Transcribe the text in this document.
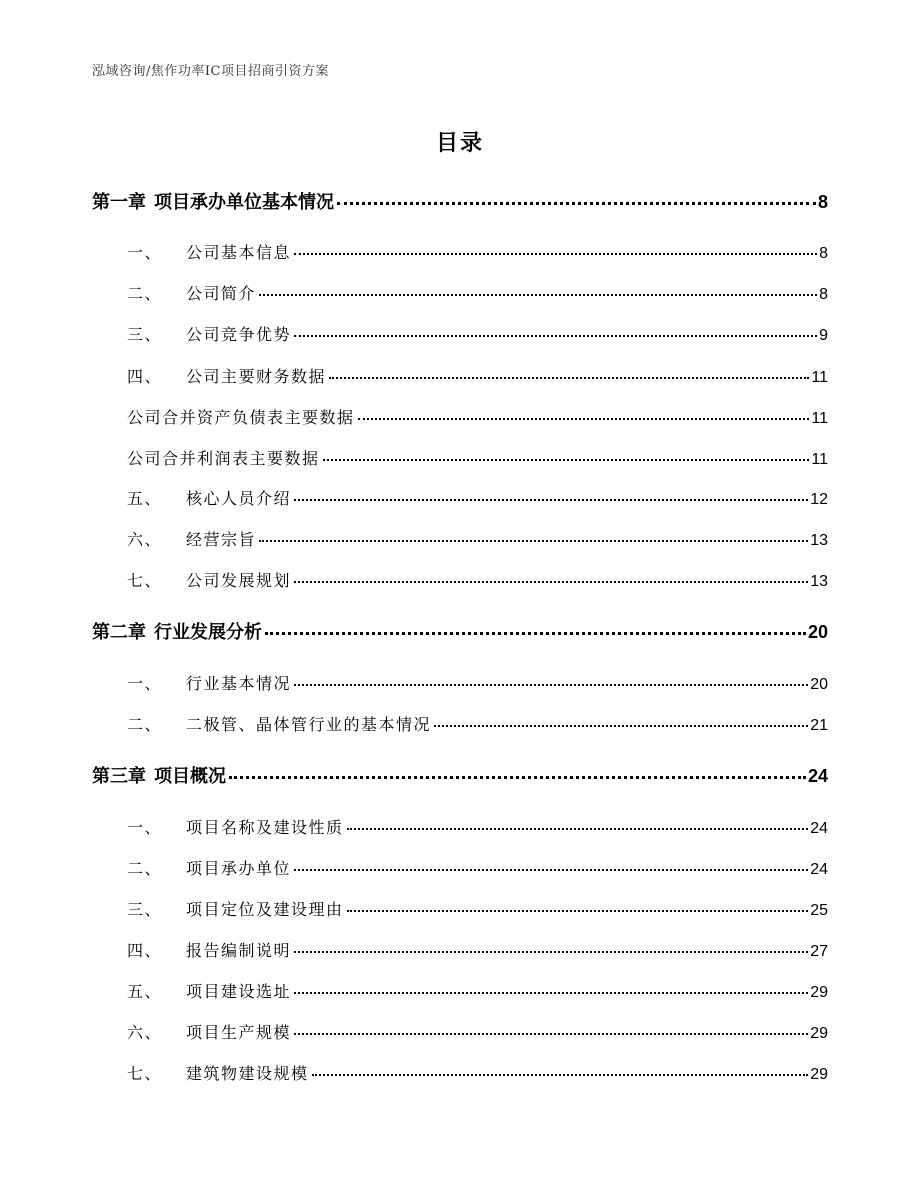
泓域咨询/焦作功率IC项目招商引资方案
目录
第一章 项目承办单位基本情况	8
一、 公司基本信息	8
二、 公司简介	8
三、 公司竞争优势	9
四、 公司主要财务数据	11
公司合并资产负债表主要数据	11
公司合并利润表主要数据	11
五、 核心人员介绍	12
六、 经营宗旨	13
七、 公司发展规划	13
第二章 行业发展分析	20
一、 行业基本情况	20
二、 二极管、晶体管行业的基本情况	21
第三章 项目概况	24
一、 项目名称及建设性质	24
二、 项目承办单位	24
三、 项目定位及建设理由	25
四、 报告编制说明	27
五、 项目建设选址	29
六、 项目生产规模	29
七、 建筑物建设规模	29
